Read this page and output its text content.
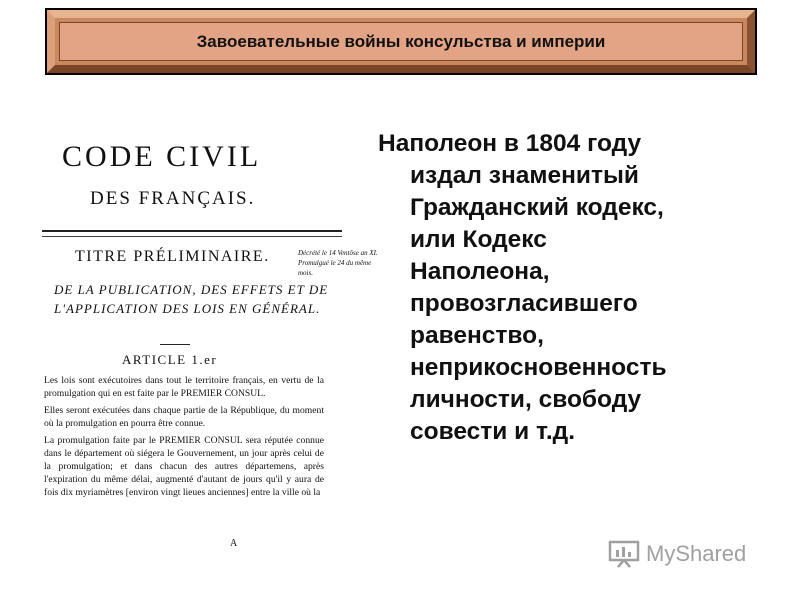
Завоевательные войны консульства и империи
CODE CIVIL
DES FRANÇAIS.
TITRE PRÉLIMINAIRE.	Décrété le 14 Ventôse an XI. Promulgué le 24 du même mois.
DE LA PUBLICATION, DES EFFETS ET DE L'APPLICATION DES LOIS EN GÉNÉRAL.
ARTICLE 1.er

Les lois sont exécutoires dans tout le territoire français, en vertu de la promulgation qui en est faite par le PREMIER CONSUL.

Elles seront exécutées dans chaque partie de la République, du moment où la promulgation en pourra être connue.

La promulgation faite par le PREMIER CONSUL sera réputée connue dans le département où siégera le Gouvernement, un jour après celui de la promulgation; et dans chacun des autres départemens, après l'expiration du même délai, augmenté d'autant de jours qu'il y aura de fois dix myriamètres [environ vingt lieues anciennes] entre la ville où la

A
Наполеон в 1804 году
издал знаменитый
Гражданский кодекс,
или Кодекс
Наполеона,
провозгласившего
равенство,
неприкосновенность
личности, свободу
совести и т.д.
MyShared
